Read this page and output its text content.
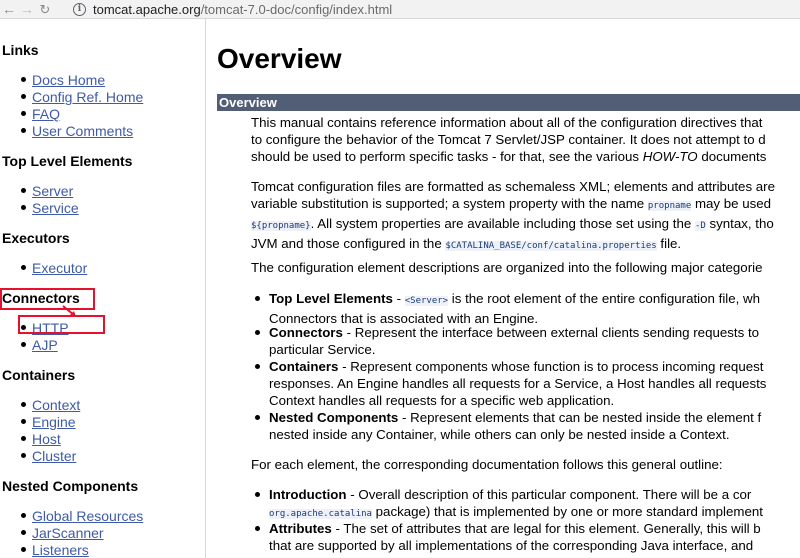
← → ↻	i tomcat.apache.org/tomcat-7.0-doc/config/index.html
Links
Docs Home
Config Ref. Home
FAQ
User Comments
Top Level Elements
Server
Service
Executors
Executor
Connectors
HTTP
AJP
Containers
Context
Engine
Host
Cluster
Nested Components
Global Resources
JarScanner
Listeners
Overview
Overview
This manual contains reference information about all of the configuration directives that
to configure the behavior of the Tomcat 7 Servlet/JSP container. It does not attempt to d
should be used to perform specific tasks - for that, see the various HOW-TO documents
Tomcat configuration files are formatted as schemaless XML; elements and attributes are
variable substitution is supported; a system property with the name propname may be used
${propname}. All system properties are available including those set using the -D syntax, tho
JVM and those configured in the $CATALINA_BASE/conf/catalina.properties file.
The configuration element descriptions are organized into the following major categorie
Top Level Elements - <Server> is the root element of the entire configuration file, wh
Connectors that is associated with an Engine.
Connectors - Represent the interface between external clients sending requests to
particular Service.
Containers - Represent components whose function is to process incoming request
responses. An Engine handles all requests for a Service, a Host handles all requests
Context handles all requests for a specific web application.
Nested Components - Represent elements that can be nested inside the element f
nested inside any Container, while others can only be nested inside a Context.
For each element, the corresponding documentation follows this general outline:
Introduction - Overall description of this particular component. There will be a cor
org.apache.catalina package) that is implemented by one or more standard implement
Attributes - The set of attributes that are legal for this element. Generally, this will b
that are supported by all implementations of the corresponding Java interface, and
